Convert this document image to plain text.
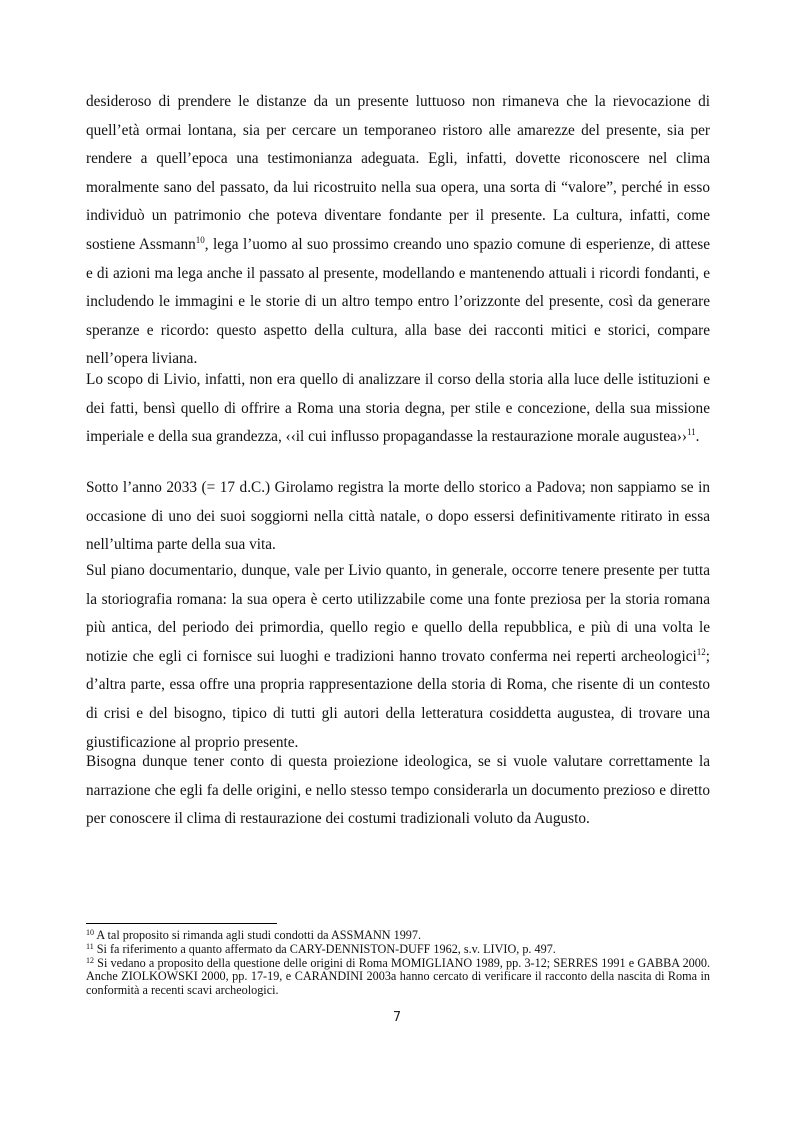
desideroso di prendere le distanze da un presente luttuoso non rimaneva che la rievocazione di quell’età ormai lontana, sia per cercare un temporaneo ristoro alle amarezze del presente, sia per rendere a quell’epoca una testimonianza adeguata. Egli, infatti, dovette riconoscere nel clima moralmente sano del passato, da lui ricostruito nella sua opera, una sorta di “valore”, perché in esso individuò un patrimonio che poteva diventare fondante per il presente. La cultura, infatti, come sostiene Assmann$^{10}$, lega l’uomo al suo prossimo creando uno spazio comune di esperienze, di attese e di azioni ma lega anche il passato al presente, modellando e mantenendo attuali i ricordi fondanti, e includendo le immagini e le storie di un altro tempo entro l’orizzonte del presente, così da generare speranze e ricordo: questo aspetto della cultura, alla base dei racconti mitici e storici, compare nell’opera liviana.

Lo scopo di Livio, infatti, non era quello di analizzare il corso della storia alla luce delle istituzioni e dei fatti, bensì quello di offrire a Roma una storia degna, per stile e concezione, della sua missione imperiale e della sua grandezza, ‹‹il cui influsso propagandasse la restaurazione morale augustea››$^{11}$.

Sotto l’anno 2033 (= 17 d.C.) Girolamo registra la morte dello storico a Padova; non sappiamo se in occasione di uno dei suoi soggiorni nella città natale, o dopo essersi definitivamente ritirato in essa nell’ultima parte della sua vita.

Sul piano documentario, dunque, vale per Livio quanto, in generale, occorre tenere presente per tutta la storiografia romana: la sua opera è certo utilizzabile come una fonte preziosa per la storia romana più antica, del periodo dei primordia, quello regio e quello della repubblica, e più di una volta le notizie che egli ci fornisce sui luoghi e tradizioni hanno trovato conferma nei reperti archeologici$^{12}$; d’altra parte, essa offre una propria rappresentazione della storia di Roma, che risente di un contesto di crisi e del bisogno, tipico di tutti gli autori della letteratura cosiddetta augustea, di trovare una giustificazione al proprio presente.

Bisogna dunque tener conto di questa proiezione ideologica, se si vuole valutare correttamente la narrazione che egli fa delle origini, e nello stesso tempo considerarla un documento prezioso e diretto per conoscere il clima di restaurazione dei costumi tradizionali voluto da Augusto.

$^{10}$ A tal proposito si rimanda agli studi condotti da ASSMANN 1997.

$^{11}$ Si fa riferimento a quanto affermato da CARY-DENNISTON-DUFF 1962, s.v. LIVIO, p. 497.

$^{12}$ Si vedano a proposito della questione delle origini di Roma MOMIGLIANO 1989, pp. 3-12; SERRES 1991 e GABBA 2000. Anche ZIOLKOWSKI 2000, pp. 17-19, e CARANDINI 2003a hanno cercato di verificare il racconto della nascita di Roma in conformità a recenti scavi archeologici.

7
